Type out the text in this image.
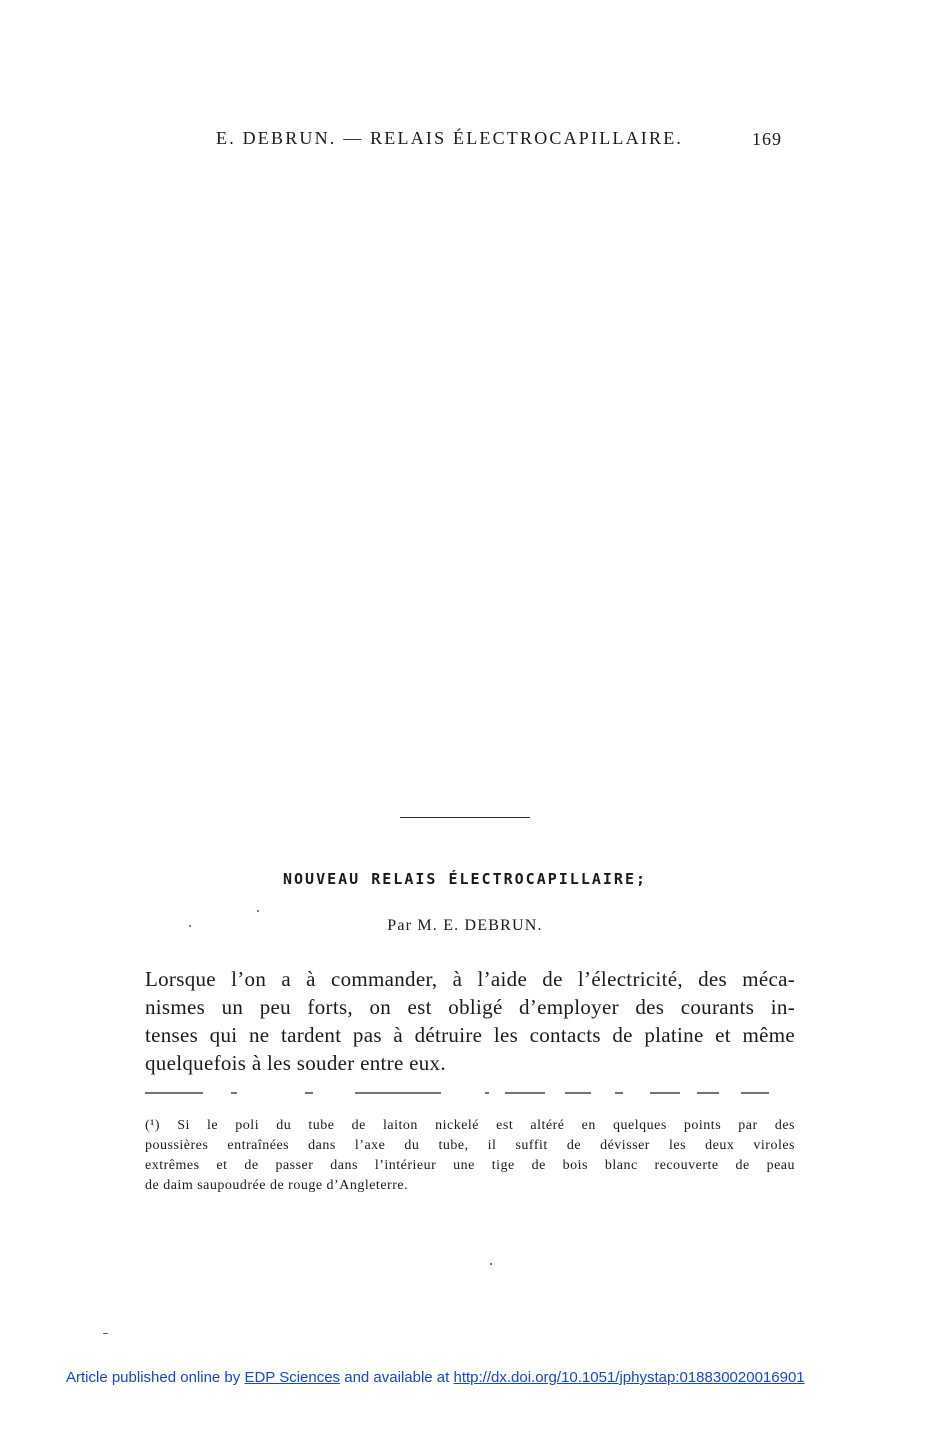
E. DEBRUN. — RELAIS ÉLECTROCAPILLAIRE.	169
NOUVEAU RELAIS ÉLECTROCAPILLAIRE;
Par M. E. DEBRUN.
Lorsque l’on a à commander, à l’aide de l’électricité, des méca-
nismes un peu forts, on est obligé d’employer des courants in-
tenses qui ne tardent pas à détruire les contacts de platine et même
quelquefois à les souder entre eux.
(¹) Si le poli du tube de laiton nickelé est altéré en quelques points par des
poussières entraînées dans l’axe du tube, il suffit de dévisser les deux viroles
extrêmes et de passer dans l’intérieur une tige de bois blanc recouverte de peau
de daim saupoudrée de rouge d’Angleterre.
Article published online by EDP Sciences and available at http://dx.doi.org/10.1051/jphystap:018830020016901
